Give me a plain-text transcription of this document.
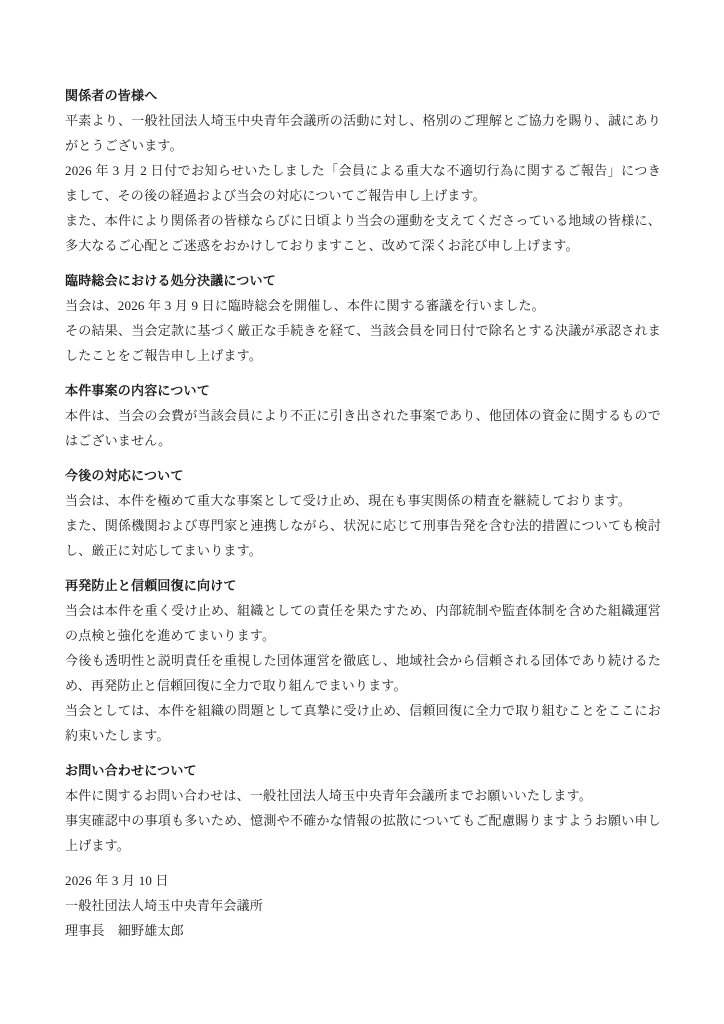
関係者の皆様へ

平素より、一般社団法人埼玉中央青年会議所の活動に対し、格別のご理解とご協力を賜り、誠にありがとうございます。

2026 年 3 月 2 日付でお知らせいたしました「会員による重大な不適切行為に関するご報告」につきまして、その後の経過および当会の対応についてご報告申し上げます。

また、本件により関係者の皆様ならびに日頃より当会の運動を支えてくださっている地域の皆様に、多大なるご心配とご迷惑をおかけしておりますこと、改めて深くお詫び申し上げます。

臨時総会における処分決議について

当会は、2026 年 3 月 9 日に臨時総会を開催し、本件に関する審議を行いました。

その結果、当会定款に基づく厳正な手続きを経て、当該会員を同日付で除名とする決議が承認されましたことをご報告申し上げます。

本件事案の内容について

本件は、当会の会費が当該会員により不正に引き出された事案であり、他団体の資金に関するものではございません。

今後の対応について

当会は、本件を極めて重大な事案として受け止め、現在も事実関係の精査を継続しております。

また、関係機関および専門家と連携しながら、状況に応じて刑事告発を含む法的措置についても検討し、厳正に対応してまいります。

再発防止と信頼回復に向けて

当会は本件を重く受け止め、組織としての責任を果たすため、内部統制や監査体制を含めた組織運営の点検と強化を進めてまいります。

今後も透明性と説明責任を重視した団体運営を徹底し、地域社会から信頼される団体であり続けるため、再発防止と信頼回復に全力で取り組んでまいります。

当会としては、本件を組織の問題として真摯に受け止め、信頼回復に全力で取り組むことをここにお約束いたします。

お問い合わせについて

本件に関するお問い合わせは、一般社団法人埼玉中央青年会議所までお願いいたします。

事実確認中の事項も多いため、憶測や不確かな情報の拡散についてもご配慮賜りますようお願い申し上げます。

2026 年 3 月 10 日

一般社団法人埼玉中央青年会議所

理事長　細野雄太郎
